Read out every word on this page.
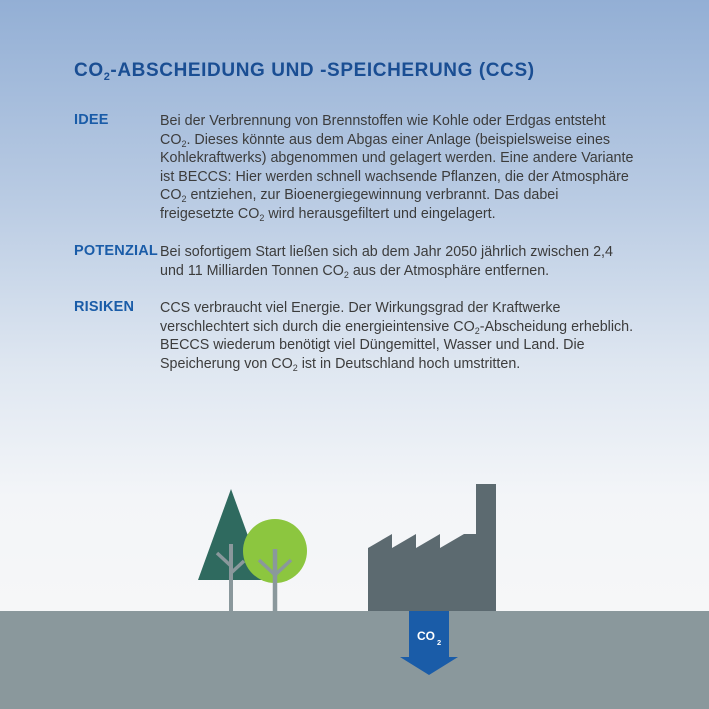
$CO_2$-ABSCHEIDUNG UND -SPEICHERUNG (CCS)
IDEE	Bei der Verbrennung von Brennstoffen wie Kohle oder Erdgas entsteht $CO_2$. Dieses könnte aus dem Abgas einer Anlage (beispielsweise eines Kohlekraftwerks) abgenommen und gelagert werden. Eine andere Variante ist BECCS: Hier werden schnell wachsende Pflanzen, die der Atmosphäre $CO_2$ entziehen, zur Bioenergiegewinnung verbrannt. Das dabei freigesetzte $CO_2$ wird herausgefiltert und eingelagert.
POTENZIAL Bei sofortigem Start ließen sich ab dem Jahr 2050 jährlich zwischen 2,4 und 11 Milliarden Tonnen $CO_2$ aus der Atmosphäre entfernen.
RISIKEN CCS verbraucht viel Energie. Der Wirkungsgrad der Kraftwerke verschlechtert sich durch die energieintensive $CO_2$-Abscheidung erheblich. BECCS wiederum benötigt viel Düngemittel, Wasser und Land. Die Speicherung von $CO_2$ ist in Deutschland hoch umstritten.
CO 2
